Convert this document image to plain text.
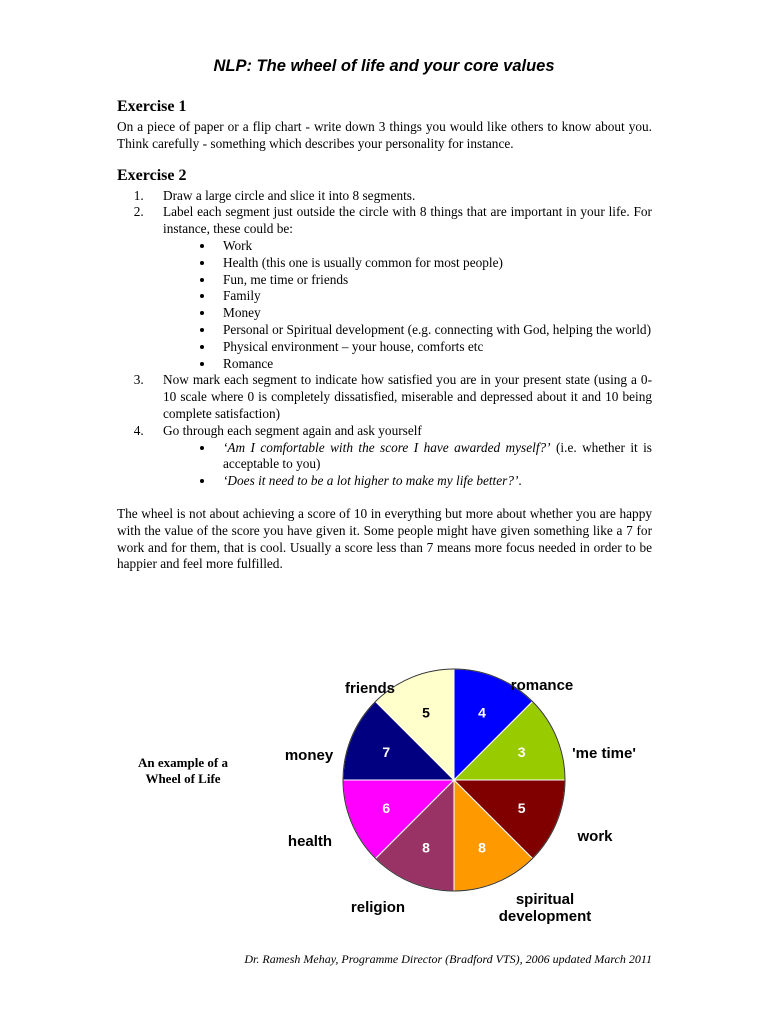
NLP: The wheel of life and your core values
Exercise 1

On a piece of paper or a flip chart - write down 3 things you would like others to know about you. Think carefully - something which describes your personality for instance.

Exercise 2
1. Draw a large circle and slice it into 8 segments.
2. Label each segment just outside the circle with 8 things that are important in your life. For instance, these could be:
• Work
• Health (this one is usually common for most people)
• Fun, me time or friends
• Family
• Money
• Personal or Spiritual development (e.g. connecting with God, helping the world)
• Physical environment – your house, comforts etc
• Romance
3. Now mark each segment to indicate how satisfied you are in your present state (using a 0-10 scale where 0 is completely dissatisfied, miserable and depressed about it and 10 being complete satisfaction)
4. Go through each segment again and ask yourself
• ‘Am I comfortable with the score I have awarded myself?’ (i.e. whether it is acceptable to you)
• ‘Does it need to be a lot higher to make my life better?’.

The wheel is not about achieving a score of 10 in everything but more about whether you are happy with the value of the score you have given it. Some people might have given something like a 7 for work and for them, that is cool. Usually a score less than 7 means more focus needed in order to be happier and feel more fulfilled.

An example of a
Wheel of Life
4
romance
3	'me time'
5
work
8
spiritual development
8
religion
6
health
7
money
5
friends
Dr. Ramesh Mehay, Programme Director (Bradford VTS), 2006 updated March 2011
